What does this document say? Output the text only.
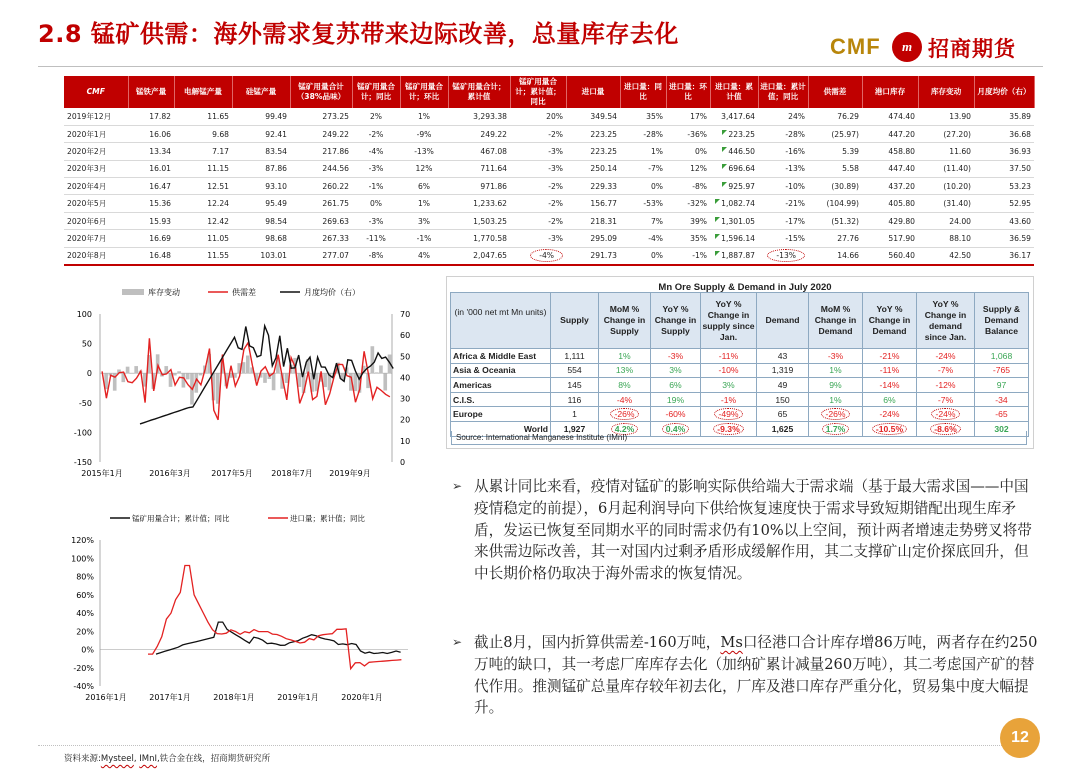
2.8 锰矿供需：海外需求复苏带来边际改善，总量库存去化	CMF	m 招商期货
CMF	锰铁产量	电解锰产量	硅锰产量	锰矿用量合计（38%品味）	锰矿用量合计；同比	锰矿用量合计；环比	锰矿用量合计；累计值	锰矿用量合计；累计值；同比	进口量	进口量：同比	进口量：环比	进口量：累计值	进口量：累计值；同比	供需差	港口库存	库存变动	月度均价（右）
2019年12月	17.82	11.65	99.49	273.25	2%	1%	3,293.38	20%	349.54	35%	17%	3,417.64	24%	76.29	474.40	13.90	35.89
2020年1月	16.06	9.68	92.41	249.22	-2%	-9%	249.22	-2%	223.25	-28%	-36%	223.25	-28%	(25.97)	447.20	(27.20)	36.68
2020年2月	13.34	7.17	83.54	217.86	-4%	-13%	467.08	-3%	223.25	1%	0%	446.50	-16%	5.39	458.80	11.60	36.93
2020年3月	16.01	11.15	87.86	244.56	-3%	12%	711.64	-3%	250.14	-7%	12%	696.64	-13%	5.58	447.40	(11.40)	37.50
2020年4月	16.47	12.51	93.10	260.22	-1%	6%	971.86	-2%	229.33	0%	-8%	925.97	-10%	(30.89)	437.20	(10.20)	53.23
2020年5月	15.36	12.24	95.49	261.75	0%	1%	1,233.62	-2%	156.77	-53%	-32%	1,082.74	-21%	(104.99)	405.80	(31.40)	52.95
2020年6月	15.93	12.42	98.54	269.63	-3%	3%	1,503.25	-2%	218.31	7%	39%	1,301.05	-17%	(51.32)	429.80	24.00	43.60
2020年7月	16.69	11.05	98.68	267.33	-11%	-1%	1,770.58	-3%	295.09	-4%	35%	1,596.14	-15%	27.76	517.90	88.10	36.59
2020年8月	16.48	11.55	103.01	277.07	-8%	4%	2,047.65	-4%	291.73	0%	-1%	1,887.87	-13%	14.66	560.40	42.50	36.17
库存变动	供需差	月度均价（右）
100
50
0
-50
-100
-150
70
60
50
40
30
20
10
0
2015年1月	2016年3月	2017年5月 2018年7月 2019年9月
锰矿用量合计；累计值；同比	进口量；累计值；同比
120%
100%
80%
60%
40%
20%
0%
-20%
-40%
2016年1月	2017年1月	2018年1月	2019年1月	2020年1月
Mn Ore Supply & Demand in July 2020
(in '000 net mt Mn units)	Supply	MoM % Change in Supply	YoY % Change in Supply	YoY % Change in supply since Jan.	Demand	MoM % Change in Demand	YoY % Change in Demand	YoY % Change in demand since Jan.	Supply & Demand Balance
Africa & Middle East	1,111	1%	-3%	-11%	43	-3%	-21%	-24%	1,068
Asia & Oceania	554	13%	3%	-10%	1,319	1%	-11%	-7%	-765
Americas	145	8%	6%	3%	49	9%	-14%	-12%	97
C.I.S.	116	-4%	19%	-1%	150	1%	6%	-7%	-34
Europe	1	-26%	-60%	-49%	65	-26%	-24%	-24%	-65
World	1,927	4.2%	0.4%	-9.3%	1,625	1.7%	-10.5%	-8.6%	302
Source: International Manganese Institute (IMnI)
➢ 从累计同比来看，疫情对锰矿的影响实际供给端大于需求端（基于最大需求国——中国疫情稳定的前提），6月起利润导向下供给恢复速度快于需求导致短期错配出现生库矛盾，发运已恢复至同期水平的同时需求仍有10%以上空间，预计两者增速走势劈叉将带来供需边际改善，其一对国内过剩矛盾形成缓解作用，其二支撑矿山定价探底回升，但中长期价格仍取决于海外需求的恢复情况。
➢ 截止8月，国内折算供需差-160万吨，Ms口径港口合计库存增86万吨，两者存在约250万吨的缺口，其一考虑厂库库存去化（加纳矿累计减量260万吨），其二考虑国产矿的替代作用。推测锰矿总量库存较年初去化，厂库及港口库存严重分化，贸易集中度大幅提升。
资料来源:Mysteel, IMnI,铁合金在线，招商期货研究所
12
